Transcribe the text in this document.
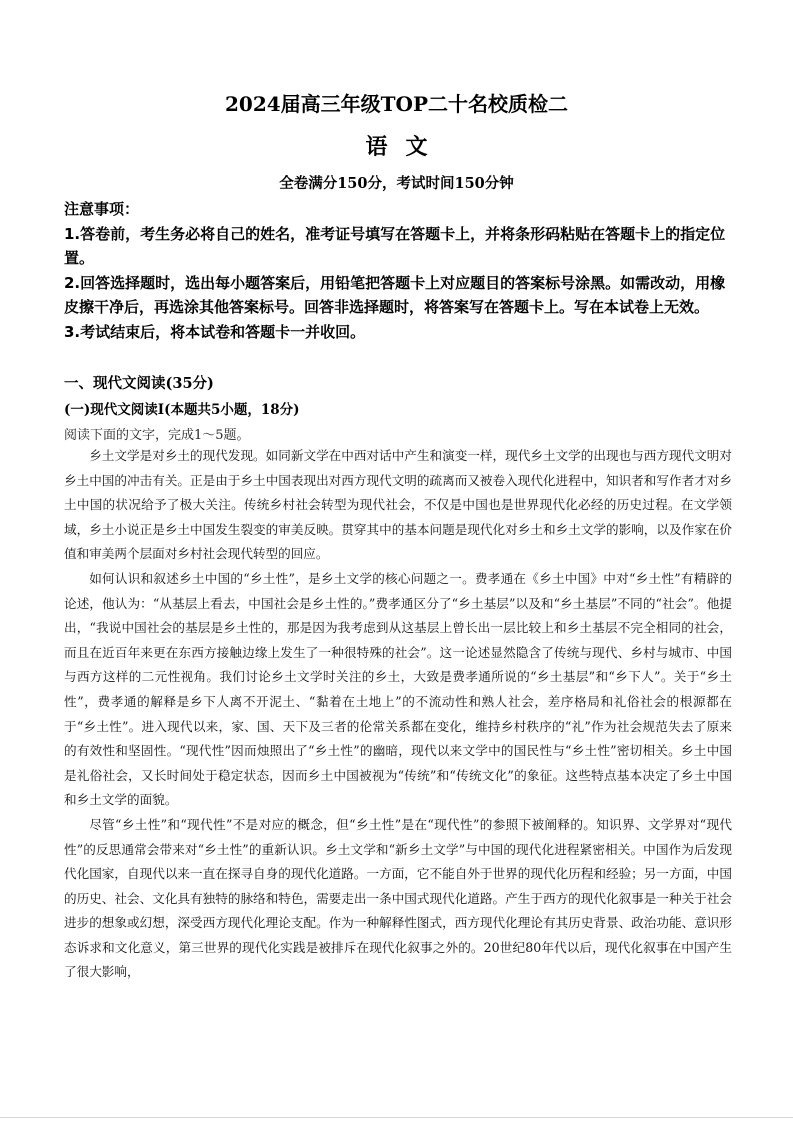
2024届高三年级TOP二十名校质检二
语文
全卷满分150分，考试时间150分钟

注意事项：

1.答卷前，考生务必将自己的姓名，准考证号填写在答题卡上，并将条形码粘贴在答题卡上的指定位置。

2.回答选择题时，选出每小题答案后，用铅笔把答题卡上对应题目的答案标号涂黑。如需改动，用橡皮擦干净后，再选涂其他答案标号。回答非选择题时，将答案写在答题卡上。写在本试卷上无效。

3.考试结束后，将本试卷和答题卡一并收回。

一、现代文阅读(35分)
(一)现代文阅读Ⅰ(本题共5小题，18分)
阅读下面的文字，完成1～5题。

乡土文学是对乡土的现代发现。如同新文学在中西对话中产生和演变一样，现代乡土文学的出现也与西方现代文明对乡土中国的冲击有关。正是由于乡土中国表现出对西方现代文明的疏离而又被卷入现代化进程中，知识者和写作者才对乡土中国的状况给予了极大关注。传统乡村社会转型为现代社会，不仅是中国也是世界现代化必经的历史过程。在文学领域，乡土小说正是乡土中国发生裂变的审美反映。贯穿其中的基本问题是现代化对乡土和乡土文学的影响，以及作家在价值和审美两个层面对乡村社会现代转型的回应。

如何认识和叙述乡土中国的“乡土性”，是乡土文学的核心问题之一。费孝通在《乡土中国》中对“乡土性”有精辟的论述，他认为：“从基层上看去，中国社会是乡土性的。”费孝通区分了“乡土基层”以及和“乡土基层”不同的“社会”。他提出，“我说中国社会的基层是乡土性的，那是因为我考虑到从这基层上曾长出一层比较上和乡土基层不完全相同的社会，而且在近百年来更在东西方接触边缘上发生了一种很特殊的社会”。这一论述显然隐含了传统与现代、乡村与城市、中国与西方这样的二元性视角。我们讨论乡土文学时关注的乡土，大致是费孝通所说的“乡土基层”和“乡下人”。关于“乡土性”，费孝通的解释是乡下人离不开泥土、“黏着在土地上”的不流动性和熟人社会，差序格局和礼俗社会的根源都在于“乡土性”。进入现代以来，家、国、天下及三者的伦常关系都在变化，维持乡村秩序的“礼”作为社会规范失去了原来的有效性和坚固性。“现代性”因而烛照出了“乡土性”的幽暗，现代以来文学中的国民性与“乡土性”密切相关。乡土中国是礼俗社会，又长时间处于稳定状态，因而乡土中国被视为“传统”和“传统文化”的象征。这些特点基本决定了乡土中国和乡土文学的面貌。

尽管“乡土性”和“现代性”不是对应的概念，但“乡土性”是在“现代性”的参照下被阐释的。知识界、文学界对“现代性”的反思通常会带来对“乡土性”的重新认识。乡土文学和“新乡土文学”与中国的现代化进程紧密相关。中国作为后发现代化国家，自现代以来一直在探寻自身的现代化道路。一方面，它不能自外于世界的现代化历程和经验；另一方面，中国的历史、社会、文化具有独特的脉络和特色，需要走出一条中国式现代化道路。产生于西方的现代化叙事是一种关于社会进步的想象或幻想，深受西方现代化理论支配。作为一种解释性图式，西方现代化理论有其历史背景、政治功能、意识形态诉求和文化意义，第三世界的现代化实践是被排斥在现代化叙事之外的。20世纪80年代以后，现代化叙事在中国产生了很大影响，
